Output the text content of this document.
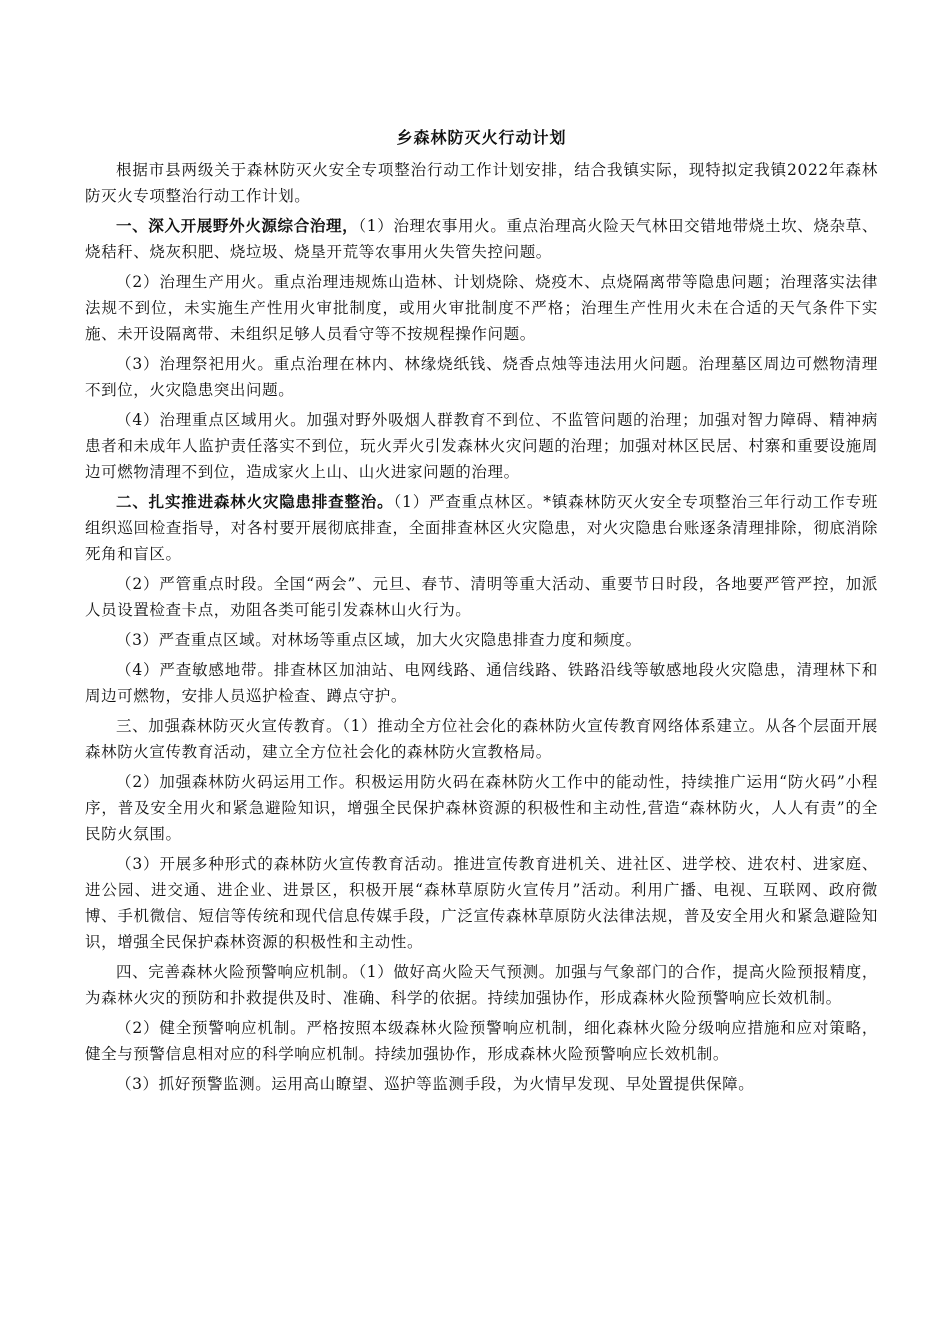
乡森林防灭火行动计划

根据市县两级关于森林防灭火安全专项整治行动工作计划安排，结合我镇实际，现特拟定我镇2022年森林防灭火专项整治行动工作计划。

一、深入开展野外火源综合治理，（1）治理农事用火。重点治理高火险天气林田交错地带烧土坎、烧杂草、烧秸秆、烧灰积肥、烧垃圾、烧垦开荒等农事用火失管失控问题。

（2）治理生产用火。重点治理违规炼山造林、计划烧除、烧疫木、点烧隔离带等隐患问题；治理落实法律法规不到位，未实施生产性用火审批制度，或用火审批制度不严格；治理生产性用火未在合适的天气条件下实施、未开设隔离带、未组织足够人员看守等不按规程操作问题。

（3）治理祭祀用火。重点治理在林内、林缘烧纸钱、烧香点烛等违法用火问题。治理墓区周边可燃物清理不到位，火灾隐患突出问题。

（4）治理重点区域用火。加强对野外吸烟人群教育不到位、不监管问题的治理；加强对智力障碍、精神病患者和未成年人监护责任落实不到位，玩火弄火引发森林火灾问题的治理；加强对林区民居、村寨和重要设施周边可燃物清理不到位，造成家火上山、山火进家问题的治理。

二、扎实推进森林火灾隐患排查整治。（1）严查重点林区。*镇森林防灭火安全专项整治三年行动工作专班组织巡回检查指导，对各村要开展彻底排查，全面排查林区火灾隐患，对火灾隐患台账逐条清理排除，彻底消除死角和盲区。

（2）严管重点时段。全国“两会”、元旦、春节、清明等重大活动、重要节日时段，各地要严管严控，加派人员设置检查卡点，劝阻各类可能引发森林山火行为。

（3）严查重点区域。对林场等重点区域，加大火灾隐患排查力度和频度。

（4）严查敏感地带。排查林区加油站、电网线路、通信线路、铁路沿线等敏感地段火灾隐患，清理林下和周边可燃物，安排人员巡护检查、蹲点守护。

三、加强森林防灭火宣传教育。（1）推动全方位社会化的森林防火宣传教育网络体系建立。从各个层面开展森林防火宣传教育活动，建立全方位社会化的森林防火宣教格局。

（2）加强森林防火码运用工作。积极运用防火码在森林防火工作中的能动性，持续推广运用“防火码”小程序，普及安全用火和紧急避险知识，增强全民保护森林资源的积极性和主动性,营造“森林防火，人人有责”的全民防火氛围。

（3）开展多种形式的森林防火宣传教育活动。推进宣传教育进机关、进社区、进学校、进农村、进家庭、进公园、进交通、进企业、进景区，积极开展“森林草原防火宣传月”活动。利用广播、电视、互联网、政府微博、手机微信、短信等传统和现代信息传媒手段，广泛宣传森林草原防火法律法规，普及安全用火和紧急避险知识，增强全民保护森林资源的积极性和主动性。

四、完善森林火险预警响应机制。（1）做好高火险天气预测。加强与气象部门的合作，提高火险预报精度，为森林火灾的预防和扑救提供及时、准确、科学的依据。持续加强协作，形成森林火险预警响应长效机制。

（2）健全预警响应机制。严格按照本级森林火险预警响应机制，细化森林火险分级响应措施和应对策略，健全与预警信息相对应的科学响应机制。持续加强协作，形成森林火险预警响应长效机制。

（3）抓好预警监测。运用高山瞭望、巡护等监测手段，为火情早发现、早处置提供保障。
